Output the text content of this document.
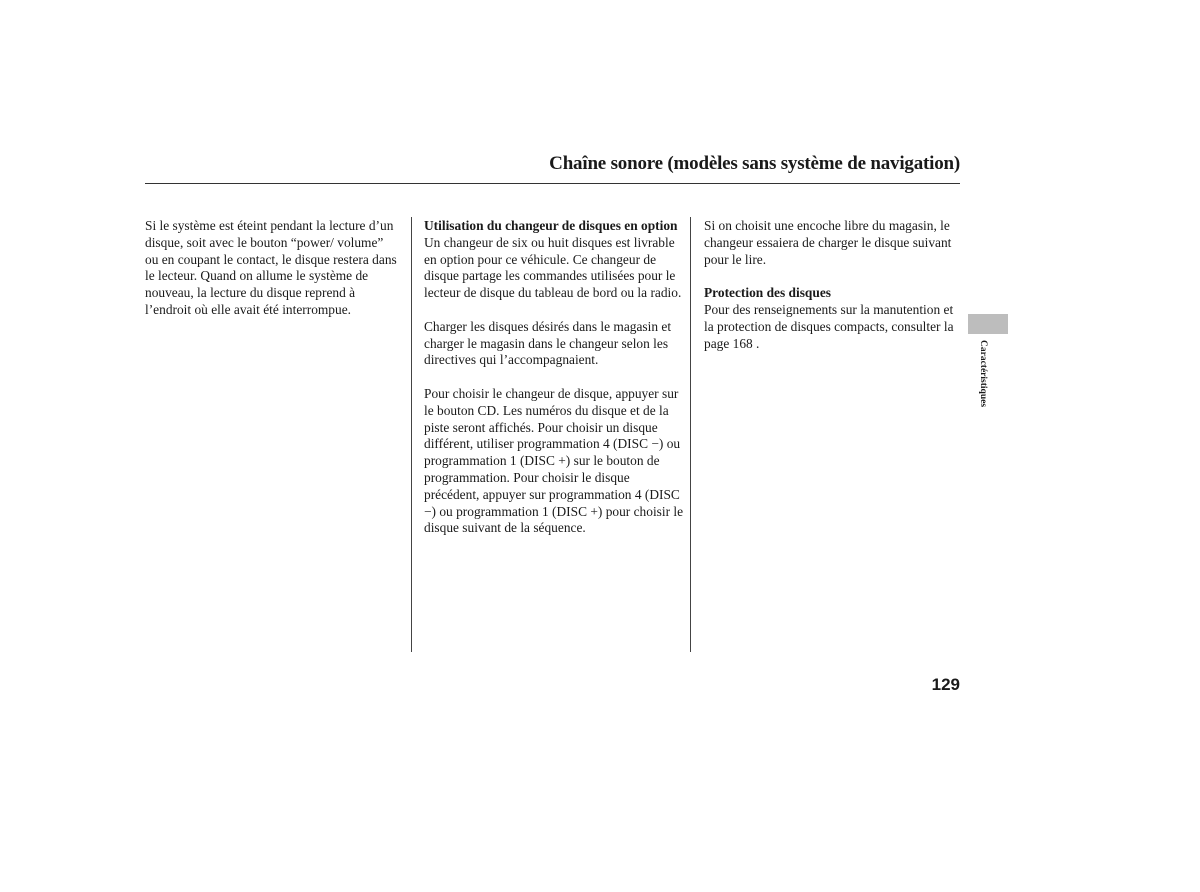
Chaîne sonore (modèles sans système de navigation)

Si le système est éteint pendant la lecture d’un disque, soit avec le bouton “power/ volume” ou en coupant le contact, le disque restera dans le lecteur. Quand on allume le système de nouveau, la lecture du disque reprend à l’endroit où elle avait été interrompue.

Utilisation du changeur de disques en option
Un changeur de six ou huit disques est livrable en option pour ce véhicule. Ce changeur de disque partage les commandes utilisées pour le lecteur de disque du tableau de bord ou la radio.

Charger les disques désirés dans le magasin et charger le magasin dans le changeur selon les directives qui l’accompagnaient.

Pour choisir le changeur de disque, appuyer sur le bouton CD. Les numéros du disque et de la piste seront affichés. Pour choisir un disque différent, utiliser programmation 4 (DISC −) ou programmation 1 (DISC +) sur le bouton de programmation. Pour choisir le disque précédent, appuyer sur programmation 4 (DISC −) ou programmation 1 (DISC +) pour choisir le disque suivant de la séquence.

Si on choisit une encoche libre du magasin, le changeur essaiera de charger le disque suivant pour le lire.

Protection des disques
Pour des renseignements sur la manutention et la protection de disques compacts, consulter la page 168 .	Caractéristiques
129
